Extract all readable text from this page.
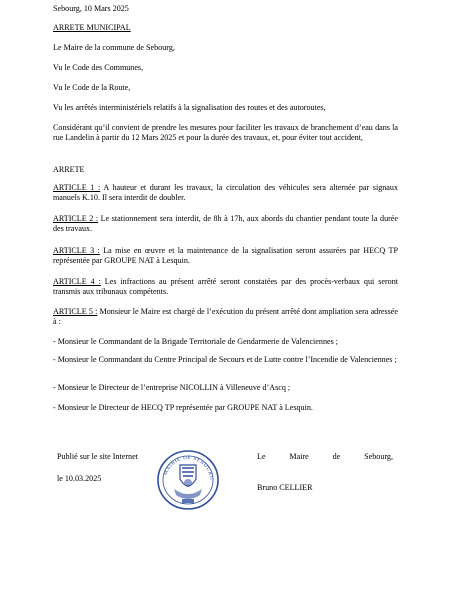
Sebourg, 10 Mars 2025

ARRETE MUNICIPAL

Le Maire de la commune de Sebourg,

Vu le Code des Communes,

Vu le Code de la Route,

Vu les arrêtés interministériels relatifs à la signalisation des routes et des autoroutes,

Considérant qu’il convient de prendre les mesures pour faciliter les travaux de branchement d’eau dans la rue Landelin à partir du 12 Mars 2025 et pour la durée des travaux, et, pour éviter tout accident,

ARRETE

ARTICLE 1 : A hauteur et durant les travaux, la circulation des véhicules sera alternée par signaux manuels K.10. Il sera interdit de doubler.

ARTICLE 2 : Le stationnement sera interdit, de 8h à 17h, aux abords du chantier pendant toute la durée des travaux.

ARTICLE 3 : La mise en œuvre et la maintenance de la signalisation seront assurées par HECQ TP représentée par GROUPE NAT à Lesquin.

ARTICLE 4 : Les infractions au présent arrêté seront constatées par des procès-verbaux qui seront transmis aux tribunaux compétents.

ARTICLE 5 : Monsieur le Maire est chargé de l’exécution du présent arrêté dont ampliation sera adressée à :

- Monsieur le Commandant de la Brigade Territoriale de Gendarmerie de Valenciennes ;

- Monsieur le Commandant du Centre Principal de Secours et de Lutte contre l’Incendie de Valenciennes ;

- Monsieur le Directeur de l’entreprise NICOLLIN à Villeneuve d’Ascq ;

- Monsieur le Directeur de HECQ TP représentée par GROUPE NAT à Lesquin.

Publié sur le site Internet

le 10.03.2025

Le	Maire	de	Sebourg,

Bruno CELLIER

MAIRIE DE SEBOURG
